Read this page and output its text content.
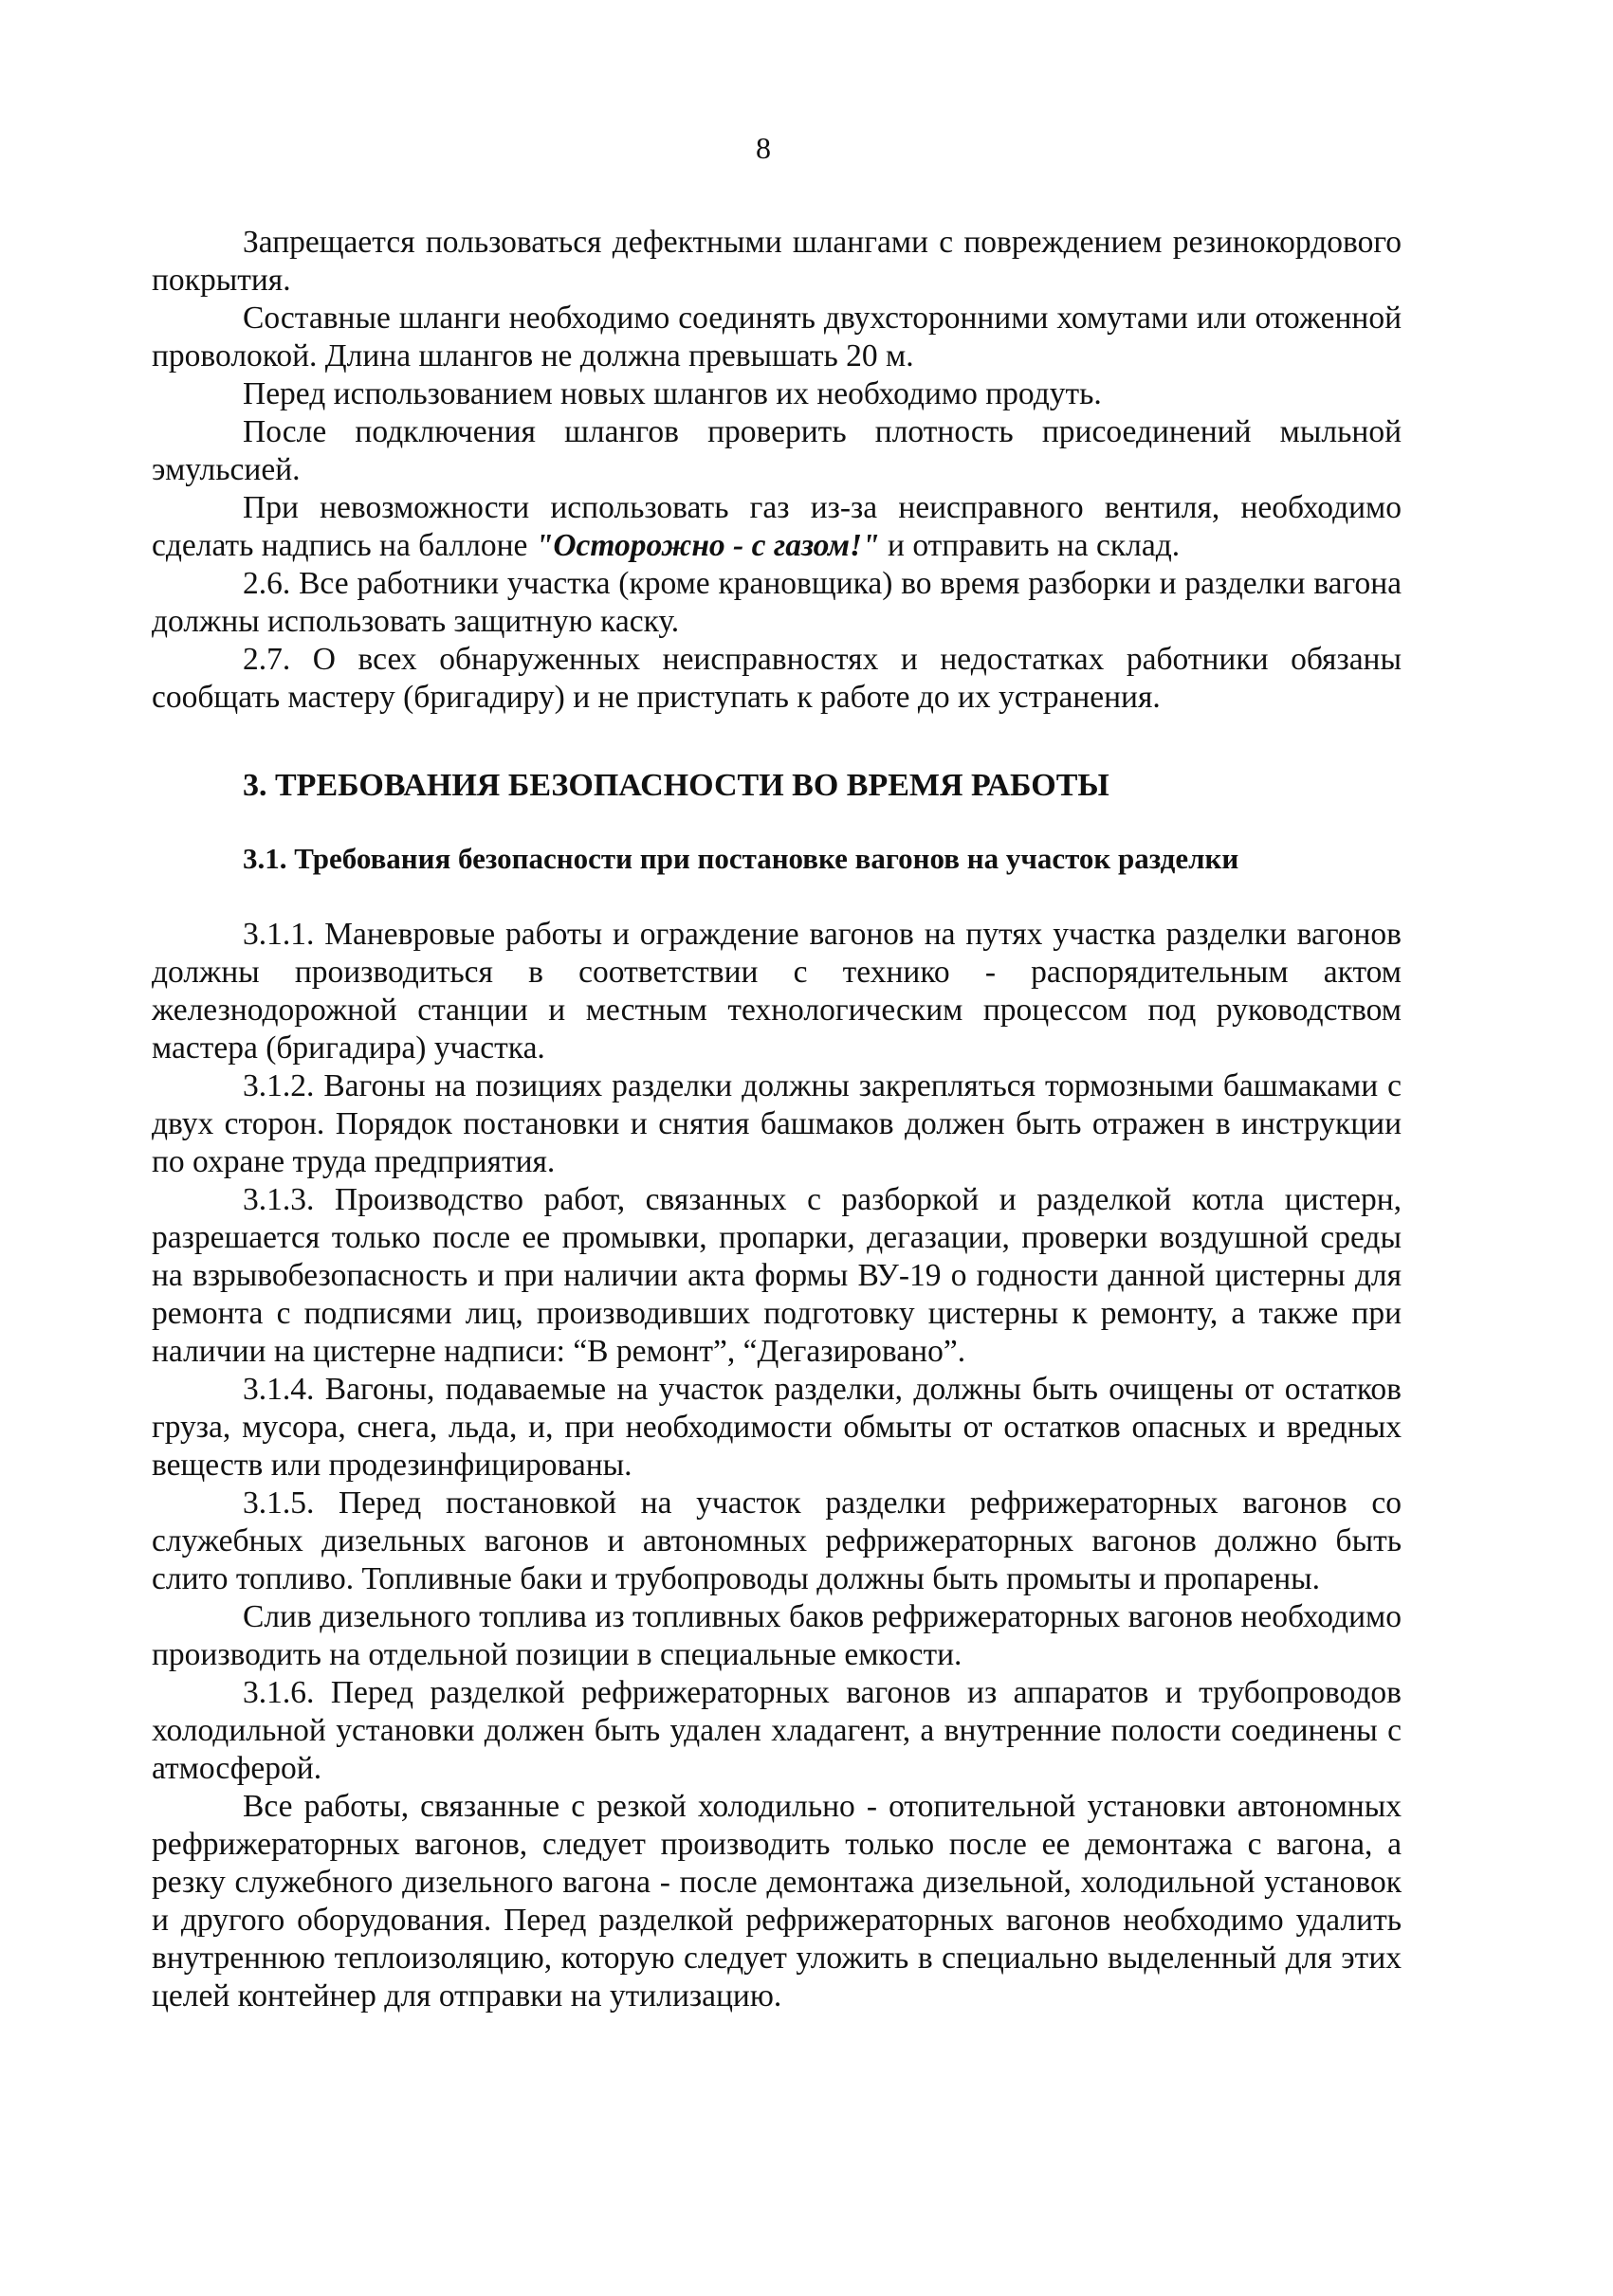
8

Запрещается пользоваться дефектными шлангами с повреждением резинокордового покрытия.

Составные шланги необходимо соединять двухсторонними хомутами или отоженной проволокой. Длина шлангов не должна превышать 20 м.

Перед использованием новых шлангов их необходимо продуть.

После подключения шлангов проверить плотность присоединений мыльной эмульсией.

При невозможности использовать газ из-за неисправного вентиля, необходимо сделать надпись на баллоне "Осторожно - с газом!" и отправить на склад.

2.6. Все работники участка (кроме крановщика) во время разборки и разделки вагона должны использовать защитную каску.

2.7. О всех обнаруженных неисправностях и недостатках работники обязаны сообщать мастеру (бригадиру) и не приступать к работе до их устранения.

3. ТРЕБОВАНИЯ БЕЗОПАСНОСТИ ВО ВРЕМЯ РАБОТЫ
3.1. Требования безопасности при постановке вагонов на участок разделки

3.1.1. Маневровые работы и ограждение вагонов на путях участка разделки вагонов должны производиться в соответствии с технико - распорядительным актом железнодорожной станции и местным технологическим процессом под руководством мастера (бригадира) участка.

3.1.2. Вагоны на позициях разделки должны закрепляться тормозными башмаками с двух сторон. Порядок постановки и снятия башмаков должен быть отражен в инструкции по охране труда предприятия.

3.1.3. Производство работ, связанных с разборкой и разделкой котла цистерн, разрешается только после ее промывки, пропарки, дегазации, проверки воздушной среды на взрывобезопасность и при наличии акта формы ВУ-19 о годности данной цистерны для ремонта с подписями лиц, производивших подготовку цистерны к ремонту, а также при наличии на цистерне надписи: “В ремонт”, “Дегазировано”.

3.1.4. Вагоны, подаваемые на участок разделки, должны быть очищены от остатков груза, мусора, снега, льда, и, при необходимости обмыты от остатков опасных и вредных веществ или продезинфицированы.

3.1.5. Перед постановкой на участок разделки рефрижераторных вагонов со служебных дизельных вагонов и автономных рефрижераторных вагонов должно быть слито топливо. Топливные баки и трубопроводы должны быть промыты и пропарены.

Слив дизельного топлива из топливных баков рефрижераторных вагонов необходимо производить на отдельной позиции в специальные емкости.

3.1.6. Перед разделкой рефрижераторных вагонов из аппаратов и трубопроводов холодильной установки должен быть удален хладагент, а внутренние полости соединены с атмосферой.

Все работы, связанные с резкой холодильно - отопительной установки автономных рефрижераторных вагонов, следует производить только после ее демонтажа с вагона, а резку служебного дизельного вагона - после демонтажа дизельной, холодильной установок и другого оборудования. Перед разделкой рефрижераторных вагонов необходимо удалить внутреннюю теплоизоляцию, которую следует уложить в специально выделенный для этих целей контейнер для отправки на утилизацию.
